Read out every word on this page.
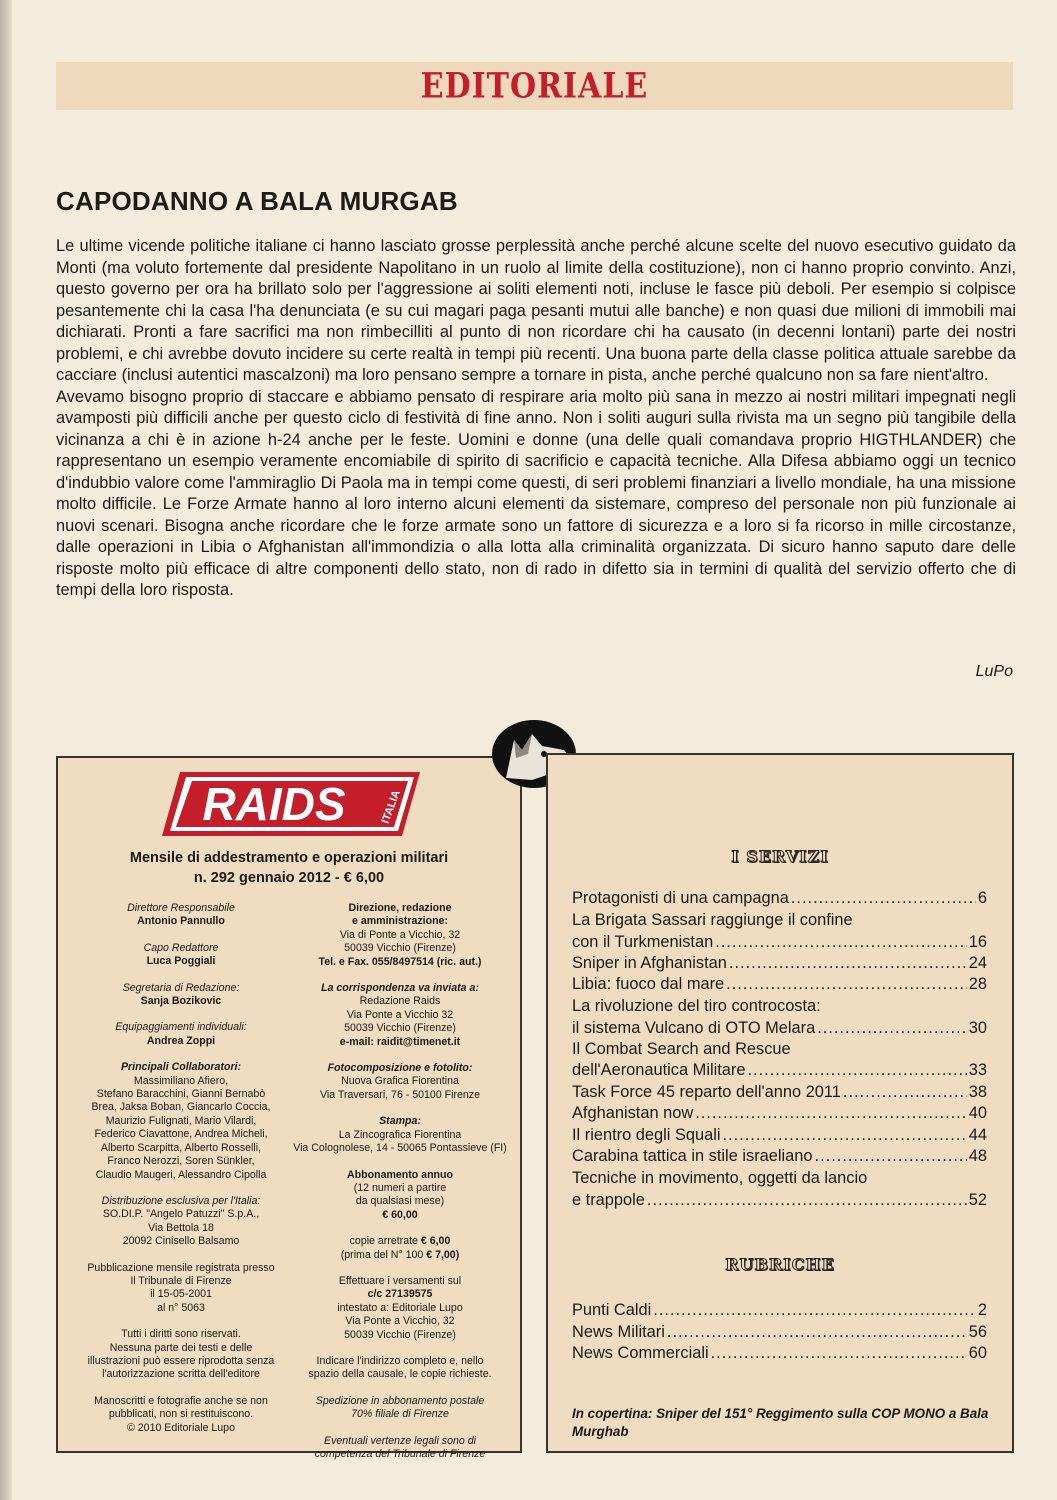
EDITORIALE
CAPODANNO A BALA MURGAB

Le ultime vicende politiche italiane ci hanno lasciato grosse perplessità anche perché alcune scelte del nuovo esecutivo guidato da Monti (ma voluto fortemente dal presidente Napolitano in un ruolo al limite della costituzione), non ci hanno proprio convinto. Anzi, questo governo per ora ha brillato solo per l'aggressione ai soliti elementi noti, incluse le fasce più deboli. Per esempio si colpisce pesantemente chi la casa l'ha denunciata (e su cui magari paga pesanti mutui alle banche) e non quasi due milioni di immobili mai dichiarati. Pronti a fare sacrifici ma non rimbecilliti al punto di non ricordare chi ha causato (in decenni lontani) parte dei nostri problemi, e chi avrebbe dovuto incidere su certe realtà in tempi più recenti. Una buona parte della classe politica attuale sarebbe da cacciare (inclusi autentici mascalzoni) ma loro pensano sempre a tornare in pista, anche perché qualcuno non sa fare nient'altro.

Avevamo bisogno proprio di staccare e abbiamo pensato di respirare aria molto più sana in mezzo ai nostri militari impegnati negli avamposti più difficili anche per questo ciclo di festività di fine anno. Non i soliti auguri sulla rivista ma un segno più tangibile della vicinanza a chi è in azione h-24 anche per le feste. Uomini e donne (una delle quali comandava proprio HIGTHLANDER) che rappresentano un esempio veramente encomiabile di spirito di sacrificio e capacità tecniche. Alla Difesa abbiamo oggi un tecnico d'indubbio valore come l'ammiraglio Di Paola ma in tempi come questi, di seri problemi finanziari a livello mondiale, ha una missione molto difficile. Le Forze Armate hanno al loro interno alcuni elementi da sistemare, compreso del personale non più funzionale ai nuovi scenari. Bisogna anche ricordare che le forze armate sono un fattore di sicurezza e a loro si fa ricorso in mille circostanze, dalle operazioni in Libia o Afghanistan all'immondizia o alla lotta alla criminalità organizzata. Di sicuro hanno saputo dare delle risposte molto più efficace di altre componenti dello stato, non di rado in difetto sia in termini di qualità del servizio offerto che di tempi della loro risposta.

LuPo
RAIDS	ITALIA
Mensile di addestramento e operazioni militari
n. 292 gennaio 2012 - € 6,00
Direttore Responsabile
Antonio Pannullo
Capo Redattore
Luca Poggiali
Segretaria di Redazione:
Sanja Bozikovic
Equipaggiamenti individuali:
Andrea Zoppi
Principali Collaboratori:
Massimiliano Afiero,
Stefano Baracchini, Gianni Bernabò
Brea, Jaksa Boban, Giancarlo Coccia,
Maurizio Fulignati, Mario Vilardi,
Federico Ciavattone, Andrea Micheli,
Alberto Scarpitta, Alberto Rosselli,
Franco Nerozzi, Soren Sünkler,
Claudio Maugeri, Alessandro Cipolla
Distribuzione esclusiva per l'Italia:
SO.DI.P. "Angelo Patuzzi" S.p.A.,
Via Bettola 18
20092 Cinisello Balsamo
Pubblicazione mensile registrata presso
Il Tribunale di Firenze
il 15-05-2001
al n° 5063
Tutti i diritti sono riservati.
Nessuna parte dei testi e delle
illustrazioni può essere riprodotta senza
l'autorizzazione scritta dell'editore
Manoscritti e fotografie anche se non
pubblicati, non si restituiscono.
© 2010 Editoriale Lupo
Direzione, redazione
e amministrazione:
Via di Ponte a Vicchio, 32
50039 Vicchio (Firenze)
Tel. e Fax. 055/8497514 (ric. aut.)
La corrispondenza va inviata a:
Redazione Raids
Via Ponte a Vicchio 32
50039 Vicchio (Firenze)
e-mail: raidit@timenet.it
Fotocomposizione e fotolito:
Nuova Grafica Fiorentina
Via Traversari, 76 - 50100 Firenze
Stampa:
La Zincografica Fiorentina
Via Colognolese, 14 - 50065 Pontassieve (FI)
Abbonamento annuo
(12 numeri a partire
da qualsiasi mese)
€ 60,00
copie arretrate € 6,00
(prima del N° 100 € 7,00)
Effettuare i versamenti sul
c/c 27139575
intestato a: Editoriale Lupo
Via Ponte a Vicchio, 32
50039 Vicchio (Firenze)
Indicare l'indirizzo completo e, nello
spazio della causale, le copie richieste.
Spedizione in abbonamento postale
70% filiale di Firenze
Eventuali vertenze legali sono di
competenza del Tribunale di Firenze
I SERVIZI
Protagonisti di una campagna .....	6
La Brigata Sassari raggiunge il confine
con il Turkmenistan .....	16
Sniper in Afghanistan .....	24
Libia: fuoco dal mare .....	28
La rivoluzione del tiro controcosta:
il sistema Vulcano di OTO Melara .....	30
Il Combat Search and Rescue
dell'Aeronautica Militare .....	33
Task Force 45 reparto dell'anno 2011 .....	38
Afghanistan now .....	40
Il rientro degli Squali .....	44
Carabina tattica in stile israeliano .....	48
Tecniche in movimento, oggetti da lancio
e trappole .....	52
RUBRICHE
Punti Caldi .....	2
News Militari .....	56
News Commerciali .....	60
In copertina: Sniper del 151° Reggimento sulla COP MONO a Bala Murghab
